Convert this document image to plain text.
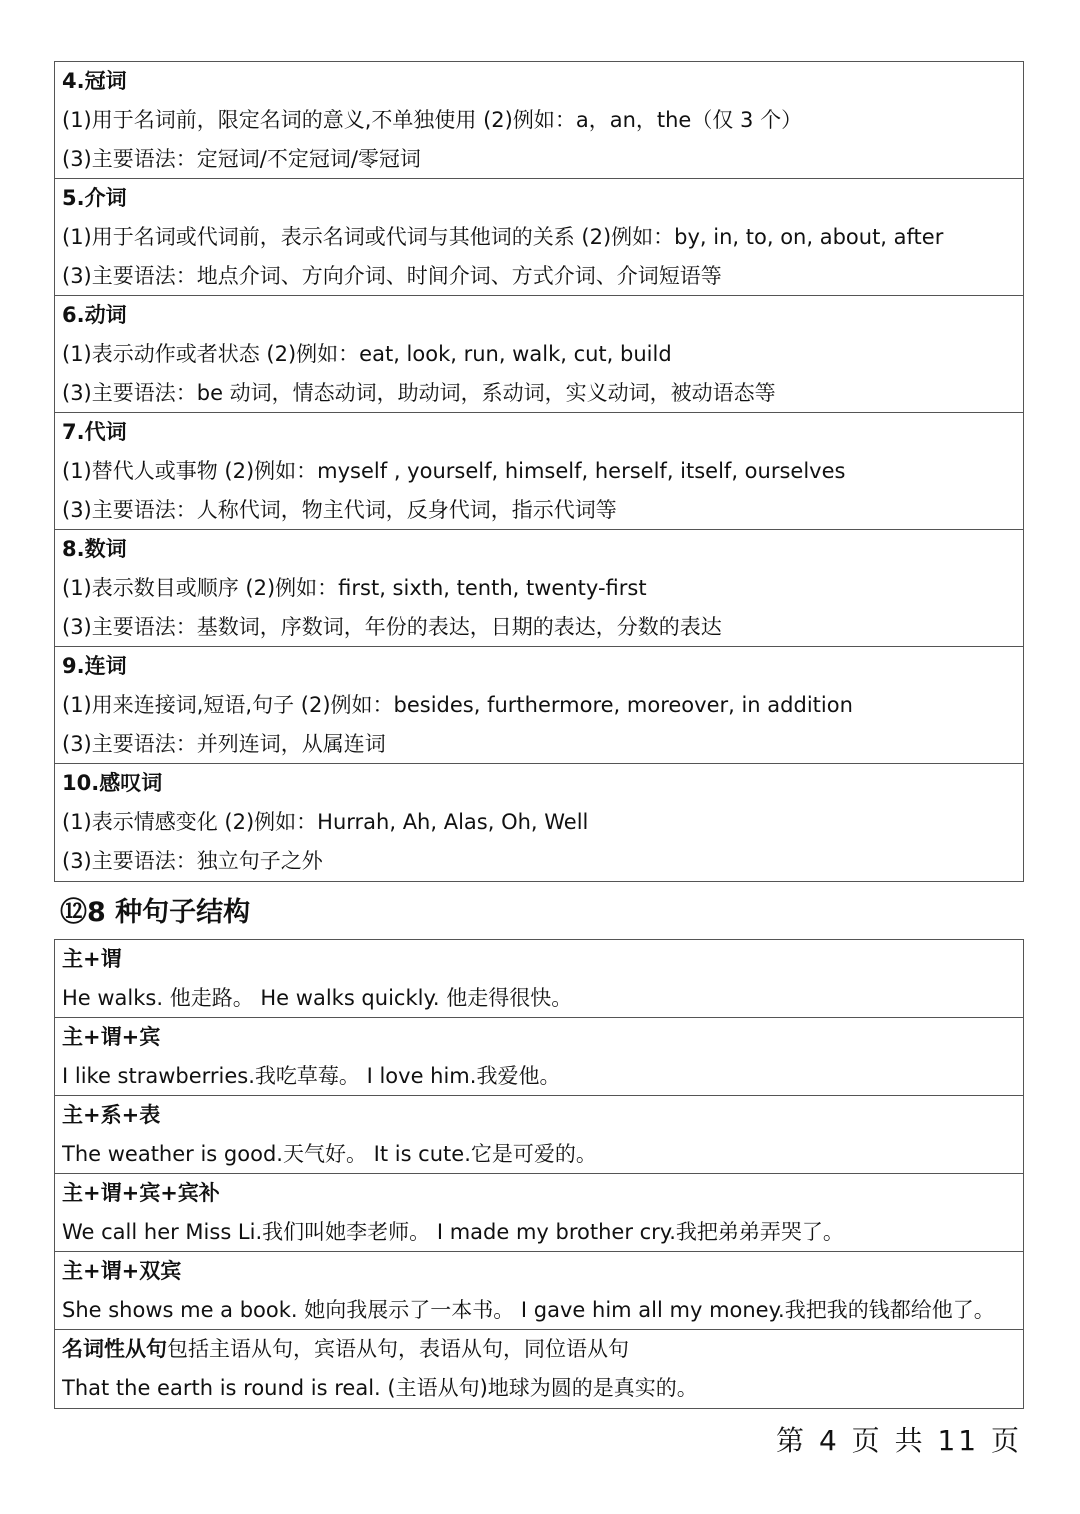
4.冠词
(1)用于名词前，限定名词的意义,不单独使用 (2)例如：a，an，the（仅 3 个）
(3)主要语法：定冠词/不定冠词/零冠词
5.介词
(1)用于名词或代词前，表示名词或代词与其他词的关系 (2)例如：by, in, to, on, about, after
(3)主要语法：地点介词、方向介词、时间介词、方式介词、介词短语等
6.动词
(1)表示动作或者状态 (2)例如：eat, look, run, walk, cut, build
(3)主要语法：be 动词，情态动词，助动词，系动词，实义动词，被动语态等
7.代词
(1)替代人或事物 (2)例如：myself , yourself, himself, herself, itself, ourselves
(3)主要语法：人称代词，物主代词，反身代词，指示代词等
8.数词
(1)表示数目或顺序 (2)例如：first, sixth, tenth, twenty-first
(3)主要语法：基数词，序数词，年份的表达，日期的表达，分数的表达
9.连词
(1)用来连接词,短语,句子 (2)例如：besides, furthermore, moreover, in addition
(3)主要语法：并列连词，从属连词
10.感叹词
(1)表示情感变化 (2)例如：Hurrah, Ah, Alas, Oh, Well
(3)主要语法：独立句子之外
⑫8 种句子结构
主+谓
He walks. 他走路。 He walks quickly. 他走得很快。
主+谓+宾
I like strawberries.我吃草莓。 I love him.我爱他。
主+系+表
The weather is good.天气好。 It is cute.它是可爱的。
主+谓+宾+宾补
We call her Miss Li.我们叫她李老师。 I made my brother cry.我把弟弟弄哭了。
主+谓+双宾
She shows me a book. 她向我展示了一本书。 I gave him all my money.我把我的钱都给他了。
名词性从句包括主语从句，宾语从句，表语从句，同位语从句
That the earth is round is real. (主语从句)地球为圆的是真实的。
第 4 页 共 11 页
